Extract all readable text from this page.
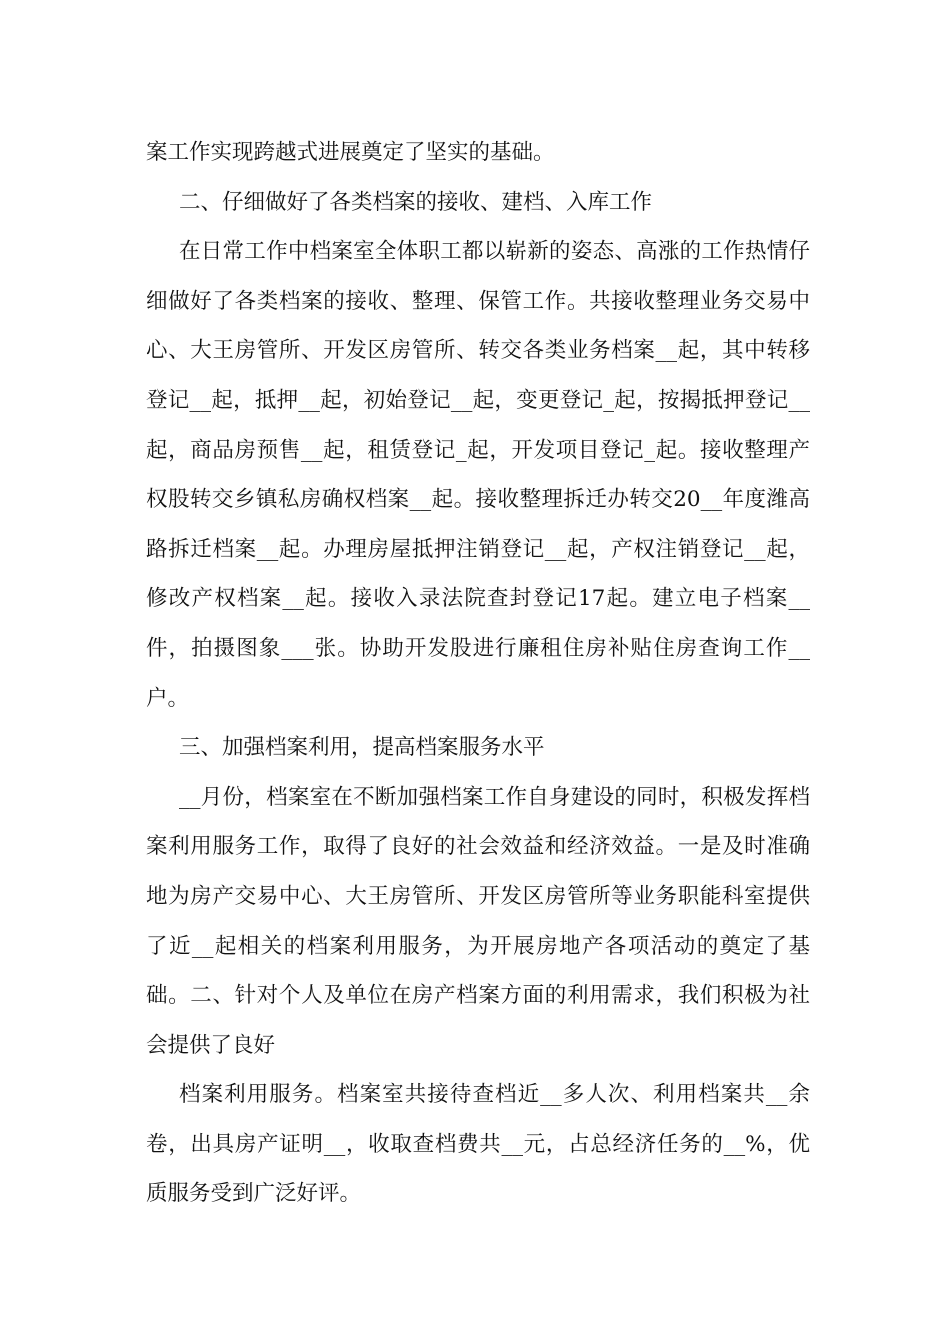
案工作实现跨越式进展奠定了坚实的基础。

二、仔细做好了各类档案的接收、建档、入库工作

在日常工作中档案室全体职工都以崭新的姿态、高涨的工作热情仔细做好了各类档案的接收、整理、保管工作。共接收整理业务交易中心、大王房管所、开发区房管所、转交各类业务档案__起，其中转移登记__起，抵押__起，初始登记__起，变更登记_起，按揭抵押登记__起，商品房预售__起，租赁登记_起，开发项目登记_起。接收整理产权股转交乡镇私房确权档案__起。接收整理拆迁办转交20__年度潍高路拆迁档案__起。办理房屋抵押注销登记__起，产权注销登记__起，修改产权档案__起。接收入录法院查封登记17起。建立电子档案__件，拍摄图象___张。协助开发股进行廉租住房补贴住房查询工作__户。

三、加强档案利用，提高档案服务水平

__月份，档案室在不断加强档案工作自身建设的同时，积极发挥档案利用服务工作，取得了良好的社会效益和经济效益。一是及时准确地为房产交易中心、大王房管所、开发区房管所等业务职能科室提供了近__起相关的档案利用服务，为开展房地产各项活动的奠定了基础。二、针对个人及单位在房产档案方面的利用需求，我们积极为社会提供了良好

档案利用服务。档案室共接待查档近__多人次、利用档案共__余卷，出具房产证明__，收取查档费共__元，占总经济任务的__%，优质服务受到广泛好评。
